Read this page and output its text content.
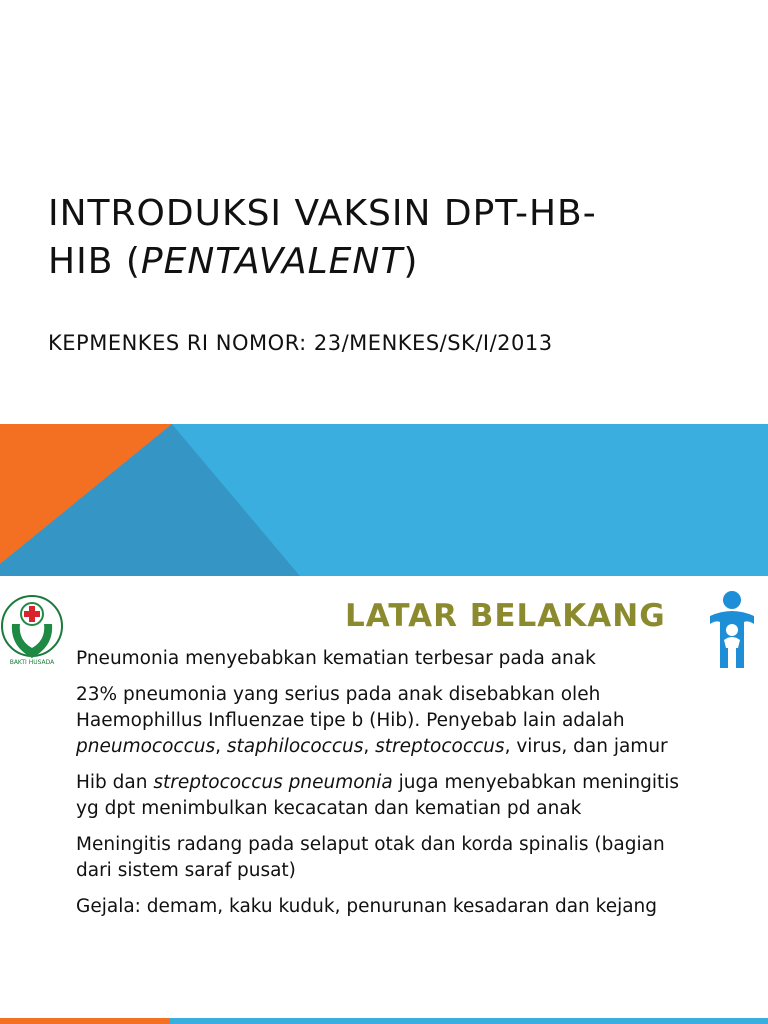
INTRODUKSI VAKSIN DPT-HB-
HIB (PENTAVALENT)

KEPMENKES RI NOMOR: 23/MENKES/SK/I/2013

BAKTI HUSADA
LATAR BELAKANG
Pneumonia menyebabkan kematian terbesar pada anak
23% pneumonia yang serius pada anak disebabkan oleh Haemophillus Influenzae tipe b (Hib). Penyebab lain adalah pneumococcus, staphilococcus, streptococcus, virus, dan jamur
Hib dan streptococcus pneumonia juga menyebabkan meningitis yg dpt menimbulkan kecacatan dan kematian pd anak
Meningitis radang pada selaput otak dan korda spinalis (bagian dari sistem saraf pusat)
Gejala: demam, kaku kuduk, penurunan kesadaran dan kejang
